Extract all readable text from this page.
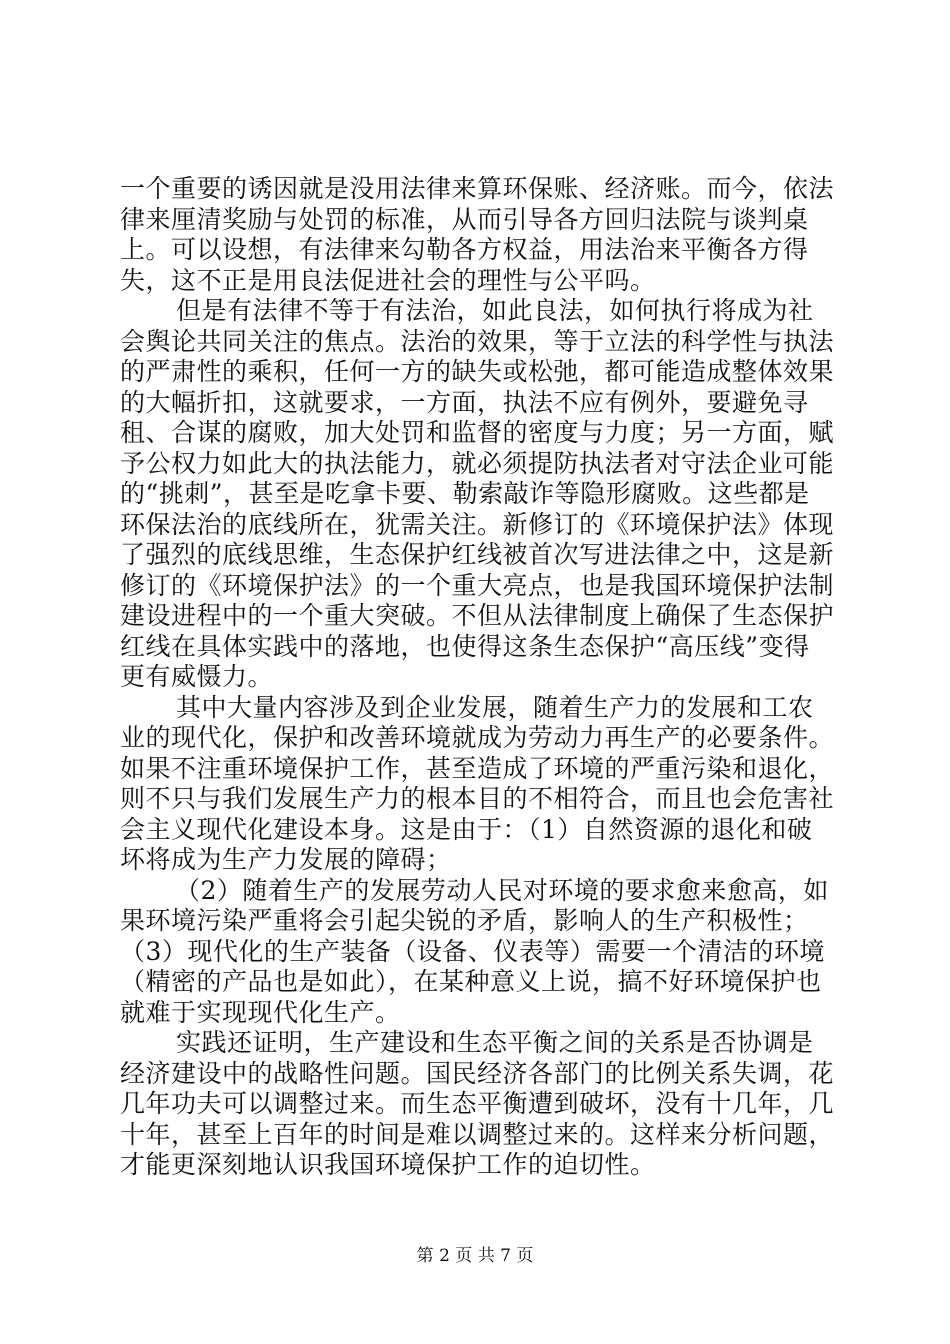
一个重要的诱因就是没用法律来算环保账、经济账。而今，依法律来厘清奖励与处罚的标准，从而引导各方回归法院与谈判桌上。可以设想，有法律来勾勒各方权益，用法治来平衡各方得失，这不正是用良法促进社会的理性与公平吗。

但是有法律不等于有法治，如此良法，如何执行将成为社会舆论共同关注的焦点。法治的效果，等于立法的科学性与执法的严肃性的乘积，任何一方的缺失或松弛，都可能造成整体效果的大幅折扣，这就要求，一方面，执法不应有例外，要避免寻租、合谋的腐败，加大处罚和监督的密度与力度；另一方面，赋予公权力如此大的执法能力，就必须提防执法者对守法企业可能的“挑刺”，甚至是吃拿卡要、勒索敲诈等隐形腐败。这些都是环保法治的底线所在，犹需关注。新修订的《环境保护法》体现了强烈的底线思维，生态保护红线被首次写进法律之中，这是新修订的《环境保护法》的一个重大亮点，也是我国环境保护法制建设进程中的一个重大突破。不但从法律制度上确保了生态保护红线在具体实践中的落地，也使得这条生态保护“高压线”变得更有威慑力。

其中大量内容涉及到企业发展，随着生产力的发展和工农业的现代化，保护和改善环境就成为劳动力再生产的必要条件。如果不注重环境保护工作，甚至造成了环境的严重污染和退化，则不只与我们发展生产力的根本目的不相符合，而且也会危害社会主义现代化建设本身。这是由于：（1）自然资源的退化和破坏将成为生产力发展的障碍；

（2）随着生产的发展劳动人民对环境的要求愈来愈高，如果环境污染严重将会引起尖锐的矛盾，影响人的生产积极性；（3）现代化的生产装备（设备、仪表等）需要一个清洁的环境（精密的产品也是如此），在某种意义上说，搞不好环境保护也就难于实现现代化生产。

实践还证明，生产建设和生态平衡之间的关系是否协调是经济建设中的战略性问题。国民经济各部门的比例关系失调，花几年功夫可以调整过来。而生态平衡遭到破坏，没有十几年，几十年，甚至上百年的时间是难以调整过来的。这样来分析问题，才能更深刻地认识我国环境保护工作的迫切性。

第 2 页 共 7 页
